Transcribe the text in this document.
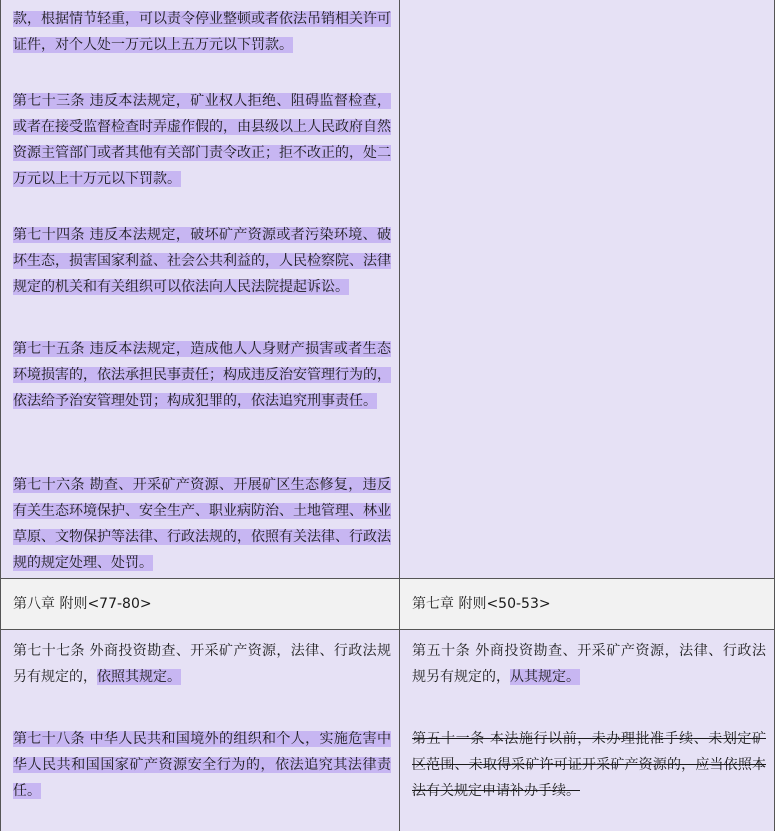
款，根据情节轻重，可以责令停业整顿或者依法吊销相关许可证件，对个人处一万元以上五万元以下罚款。

第七十三条 违反本法规定，矿业权人拒绝、阻碍监督检查，或者在接受监督检查时弄虚作假的，由县级以上人民政府自然资源主管部门或者其他有关部门责令改正；拒不改正的，处二万元以上十万元以下罚款。

第七十四条 违反本法规定，破坏矿产资源或者污染环境、破坏生态，损害国家利益、社会公共利益的，人民检察院、法律规定的机关和有关组织可以依法向人民法院提起诉讼。

第七十五条 违反本法规定，造成他人人身财产损害或者生态环境损害的，依法承担民事责任；构成违反治安管理行为的，依法给予治安管理处罚；构成犯罪的，依法追究刑事责任。

第七十六条 勘查、开采矿产资源、开展矿区生态修复，违反有关生态环境保护、安全生产、职业病防治、土地管理、林业草原、文物保护等法律、行政法规的，依照有关法律、行政法规的规定处理、处罚。

第八章 附则<77-80>	第七章 附则<50-53>

第七十七条 外商投资勘查、开采矿产资源，法律、行政法规另有规定的，依照其规定。

第七十八条 中华人民共和国境外的组织和个人，实施危害中华人民共和国国家矿产资源安全行为的，依法追究其法律责任。

第五十条 外商投资勘查、开采矿产资源，法律、行政法规另有规定的，从其规定。

第五十一条 本法施行以前，未办理批准手续、未划定矿区范围、未取得采矿许可证开采矿产资源的，应当依照本法有关规定申请补办手续。
